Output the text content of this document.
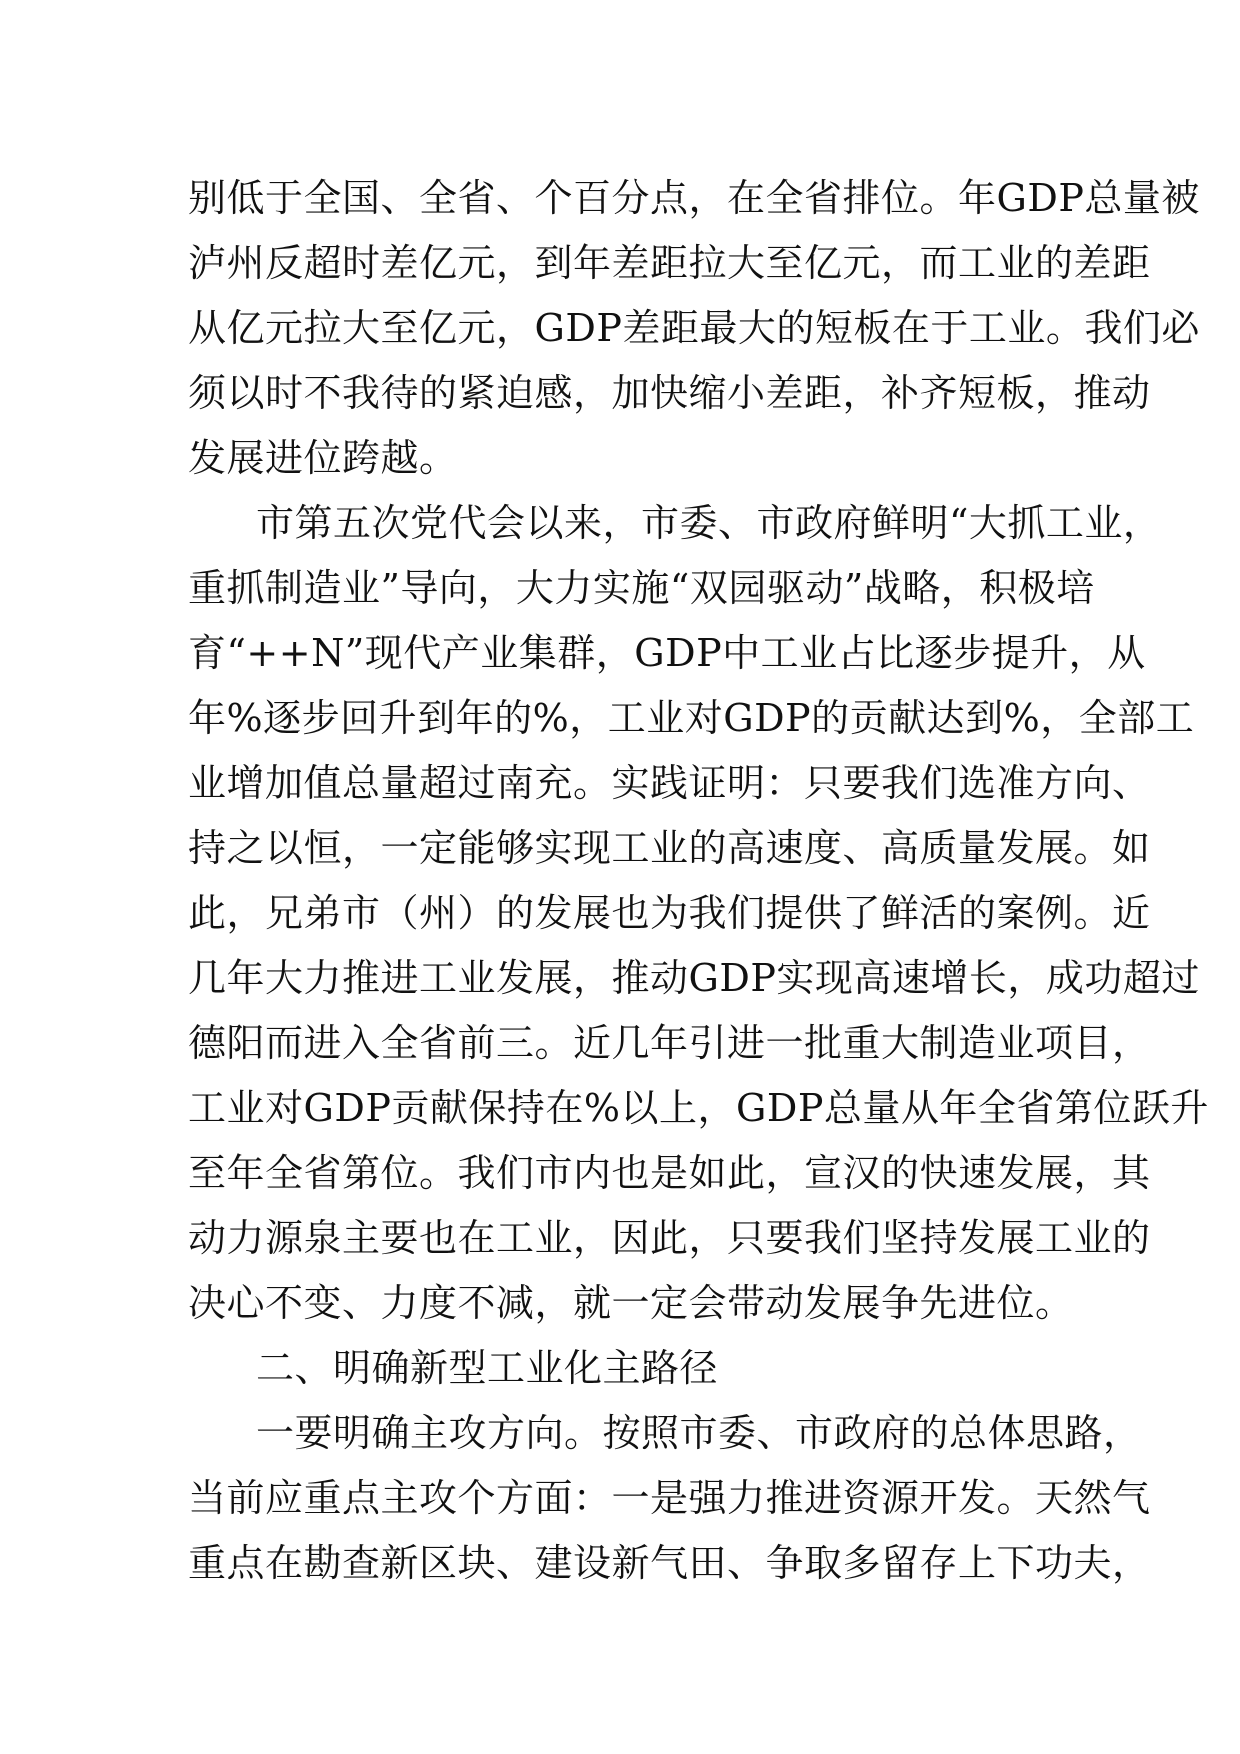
别低于全国、全省、个百分点，在全省排位。年GDP总量被
泸州反超时差亿元，到年差距拉大至亿元，而工业的差距
从亿元拉大至亿元，GDP差距最大的短板在于工业。我们必
须以时不我待的紧迫感，加快缩小差距，补齐短板，推动
发展进位跨越。
市第五次党代会以来，市委、市政府鲜明“大抓工业，
重抓制造业”导向，大力实施“双园驱动”战略，积极培
育“++N”现代产业集群，GDP中工业占比逐步提升，从
年%逐步回升到年的%，工业对GDP的贡献达到%，全部工
业增加值总量超过南充。实践证明：只要我们选准方向、
持之以恒，一定能够实现工业的高速度、高质量发展。如
此，兄弟市（州）的发展也为我们提供了鲜活的案例。近
几年大力推进工业发展，推动GDP实现高速增长，成功超过
德阳而进入全省前三。近几年引进一批重大制造业项目，
工业对GDP贡献保持在%以上，GDP总量从年全省第位跃升
至年全省第位。我们市内也是如此，宣汉的快速发展，其
动力源泉主要也在工业，因此，只要我们坚持发展工业的
决心不变、力度不减，就一定会带动发展争先进位。
二、明确新型工业化主路径
一要明确主攻方向。按照市委、市政府的总体思路，
当前应重点主攻个方面：一是强力推进资源开发。天然气
重点在勘查新区块、建设新气田、争取多留存上下功夫，
